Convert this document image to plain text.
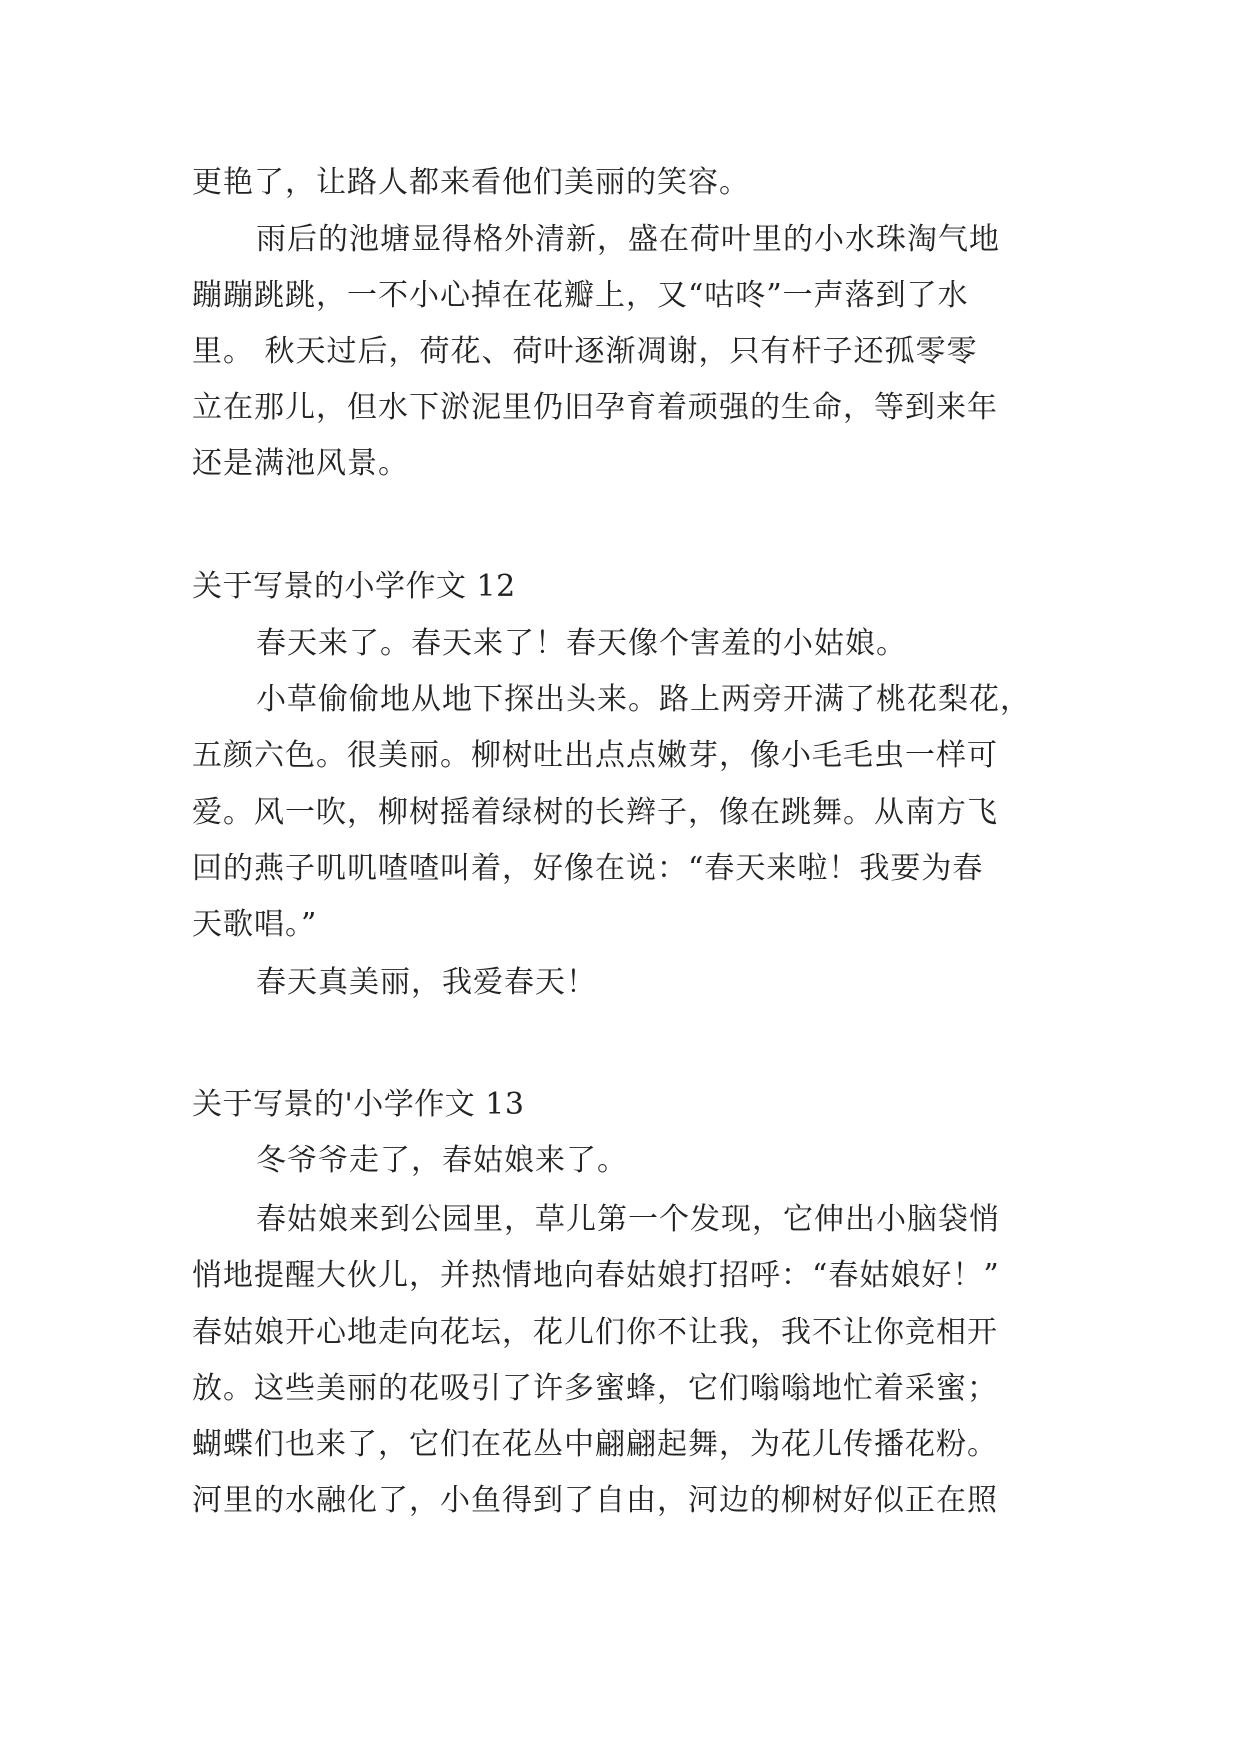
更艳了，让路人都来看他们美丽的笑容。
雨后的池塘显得格外清新，盛在荷叶里的小水珠淘气地
蹦蹦跳跳，一不小心掉在花瓣上，又“咕咚”一声落到了水
里。 秋天过后，荷花、荷叶逐渐凋谢，只有杆子还孤零零
立在那儿，但水下淤泥里仍旧孕育着顽强的生命，等到来年
还是满池风景。
关于写景的小学作文 12
春天来了。春天来了！春天像个害羞的小姑娘。
小草偷偷地从地下探出头来。路上两旁开满了桃花梨花，
五颜六色。很美丽。柳树吐出点点嫩芽，像小毛毛虫一样可
爱。风一吹，柳树摇着绿树的长辫子，像在跳舞。从南方飞
回的燕子叽叽喳喳叫着，好像在说：“春天来啦！我要为春
天歌唱。”
春天真美丽，我爱春天！
关于写景的'小学作文 13
冬爷爷走了，春姑娘来了。
春姑娘来到公园里，草儿第一个发现，它伸出小脑袋悄
悄地提醒大伙儿，并热情地向春姑娘打招呼：“春姑娘好！”
春姑娘开心地走向花坛，花儿们你不让我，我不让你竞相开
放。这些美丽的花吸引了许多蜜蜂，它们嗡嗡地忙着采蜜；
蝴蝶们也来了，它们在花丛中翩翩起舞，为花儿传播花粉。
河里的水融化了，小鱼得到了自由，河边的柳树好似正在照
